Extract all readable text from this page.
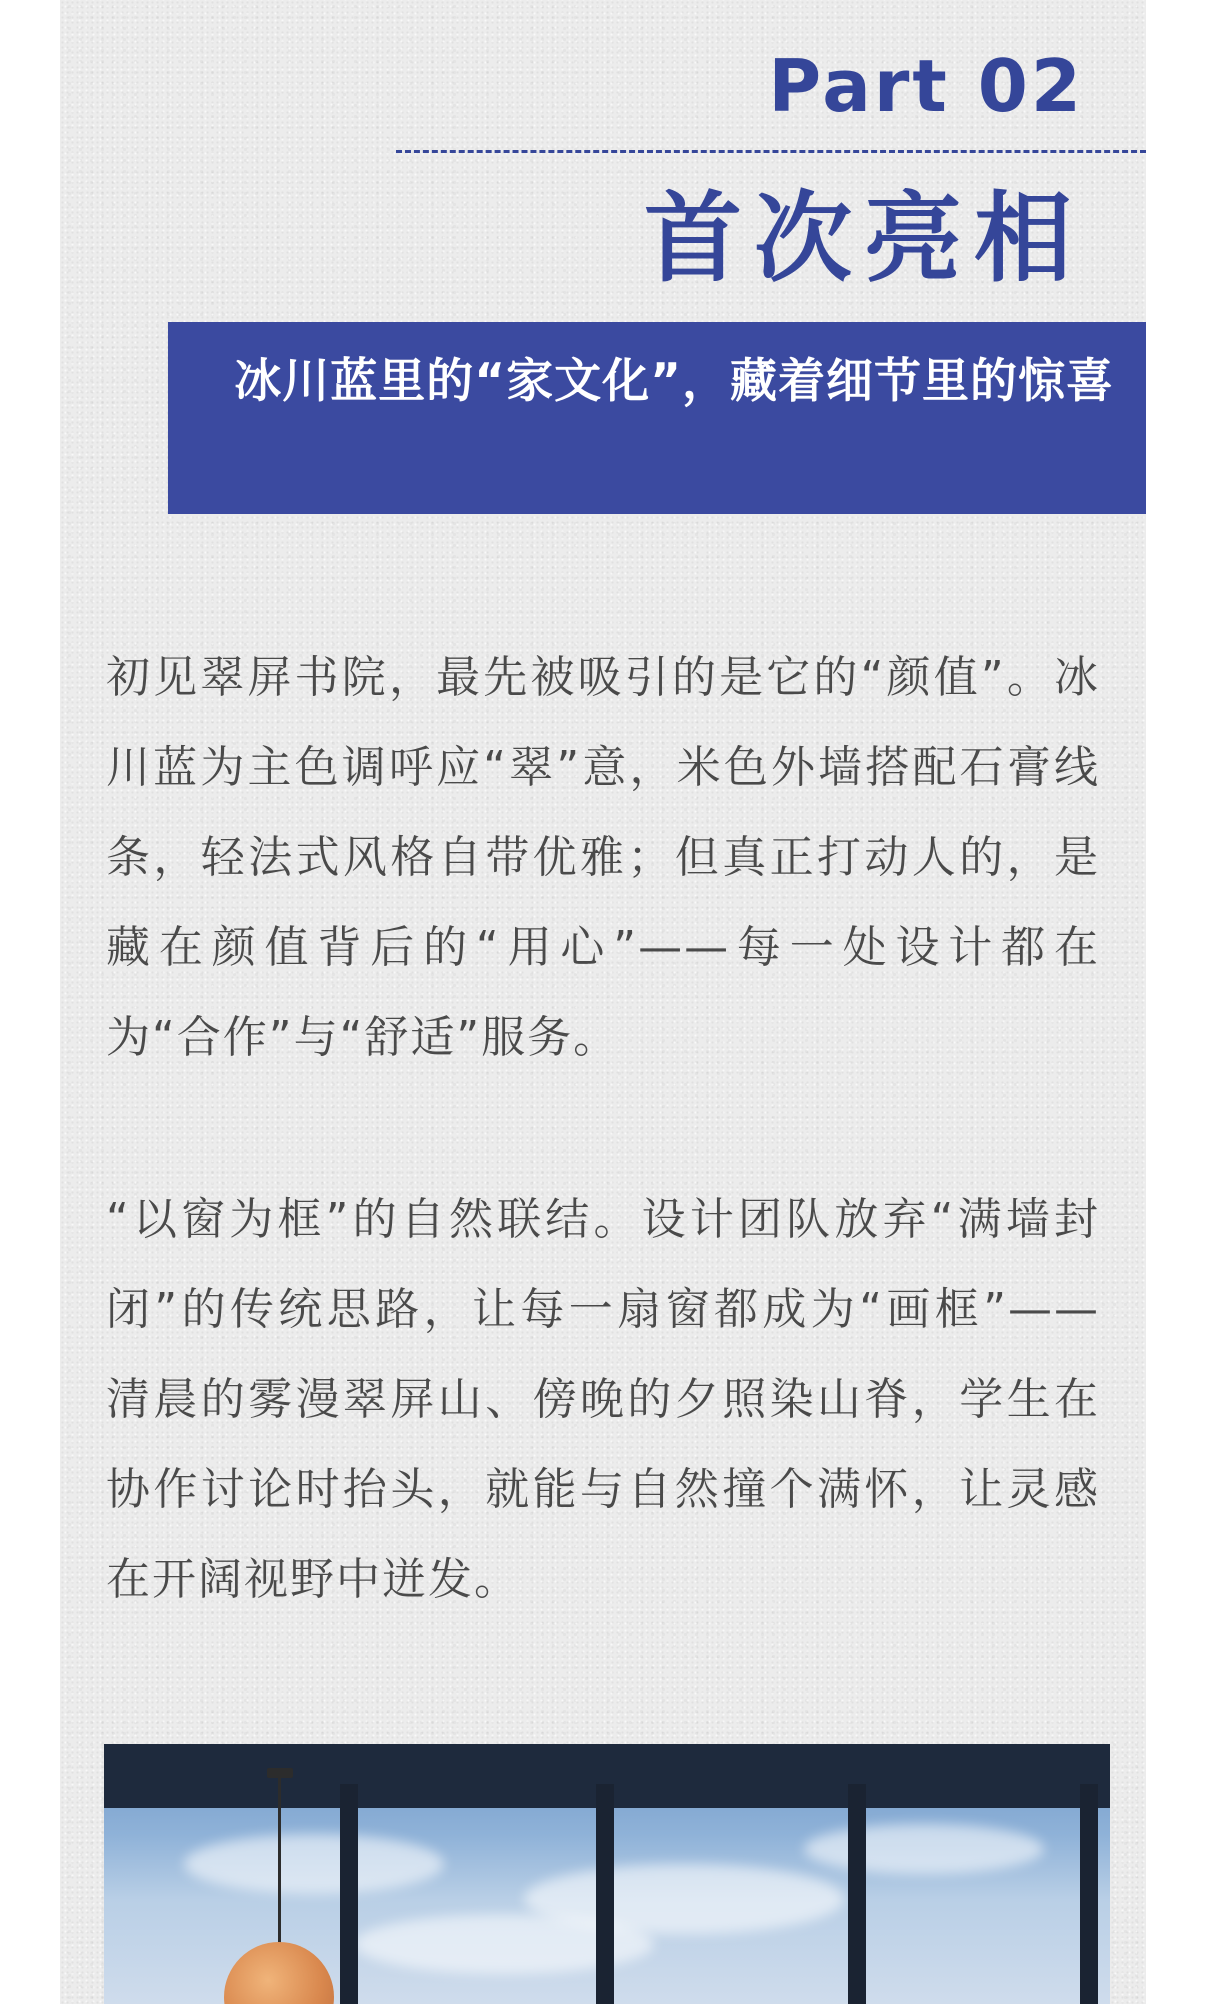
Part 02
首次亮相
冰川蓝里的“家文化”，藏着细节里的惊喜

初见翠屏书院，最先被吸引的是它的“颜值”。冰川蓝为主色调呼应“翠”意，米色外墙搭配石膏线条，轻法式风格自带优雅；但真正打动人的，是藏在颜值背后的“用心”——每一处设计都在为“合作”与“舒适”服务。

“以窗为框”的自然联结。设计团队放弃“满墙封闭”的传统思路，让每一扇窗都成为“画框”——清晨的雾漫翠屏山、傍晚的夕照染山脊，学生在协作讨论时抬头，就能与自然撞个满怀，让灵感在开阔视野中迸发。
